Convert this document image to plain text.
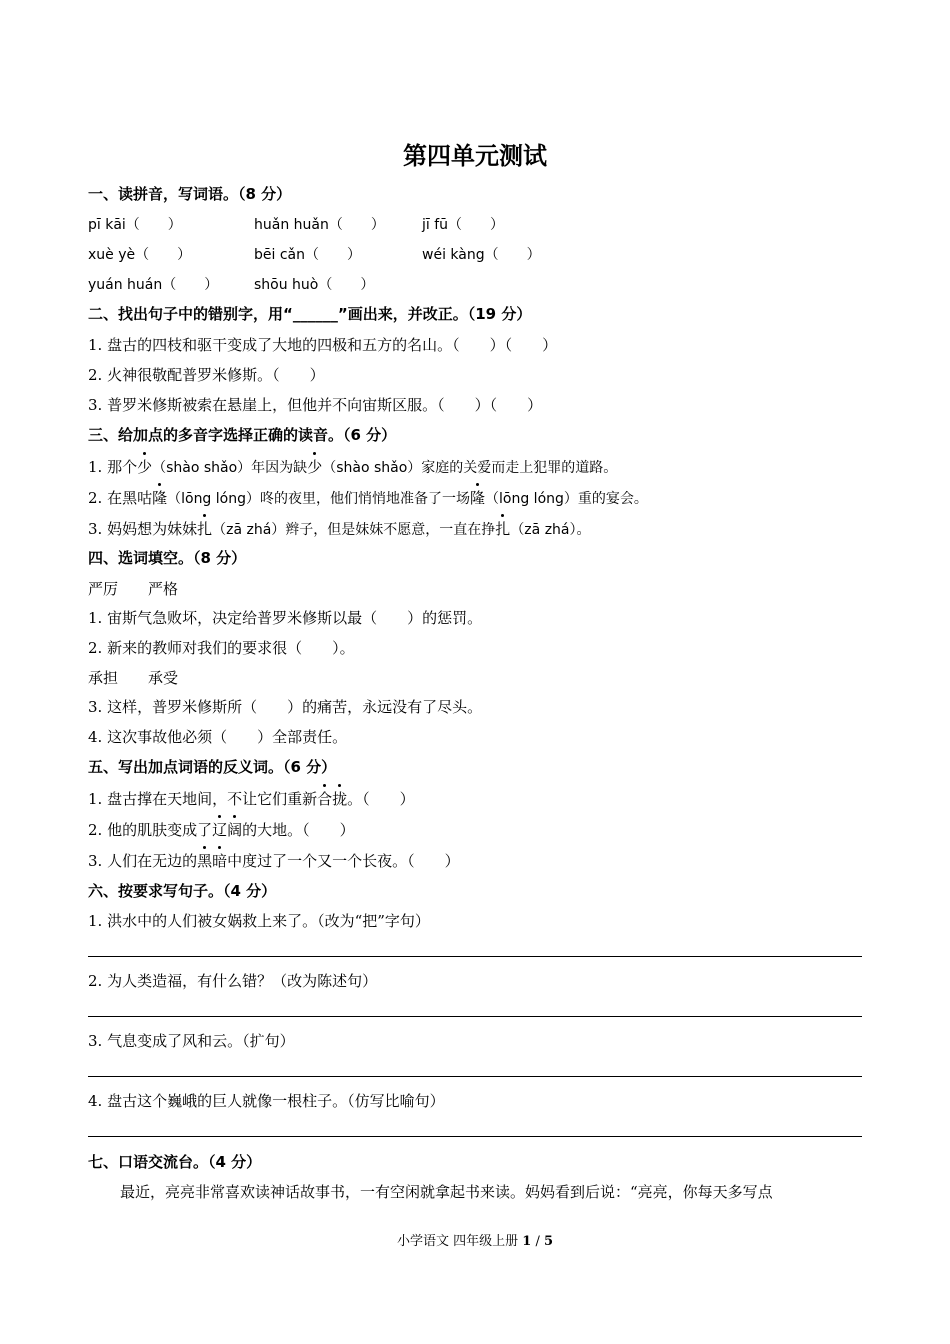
第四单元测试
一、读拼音，写词语。（8 分）
pī kāi（　　）	huǎn huǎn（　　）	jī fū（　　）
xuè yè（　　）	bēi cǎn（　　）	wéi kàng（　　）
yuán huán（　　）	shōu huò（　　）
二、找出句子中的错别字，用“______”画出来，并改正。（19 分）
1. 盘古的四枝和驱干变成了大地的四极和五方的名山。（　　）（　　）
2. 火神很敬配普罗米修斯。（　　）
3. 普罗米修斯被索在悬崖上，但他并不向宙斯区服。（　　）（　　）
三、给加点的多音字选择正确的读音。（6 分）
1. 那个少（shào shǎo）年因为缺少（shào shǎo）家庭的关爱而走上犯罪的道路。
2. 在黑咕隆（lōng lóng）咚的夜里，他们悄悄地准备了一场隆（lōng lóng）重的宴会。
3. 妈妈想为妹妹扎（zā zhá）辫子，但是妹妹不愿意，一直在挣扎（zā zhá）。
四、选词填空。（8 分）
严厉　　严格
1. 宙斯气急败坏，决定给普罗米修斯以最（　　）的惩罚。
2. 新来的教师对我们的要求很（　　）。
承担　　承受
3. 这样，普罗米修斯所（　　）的痛苦，永远没有了尽头。
4. 这次事故他必须（　　）全部责任。
五、写出加点词语的反义词。（6 分）
1. 盘古撑在天地间，不让它们重新合拢。（　　）
2. 他的肌肤变成了辽阔的大地。（　　）
3. 人们在无边的黑暗中度过了一个又一个长夜。（　　）
六、按要求写句子。（4 分）
1. 洪水中的人们被女娲救上来了。（改为“把”字句）
2. 为人类造福，有什么错？（改为陈述句）
3. 气息变成了风和云。（扩句）
4. 盘古这个巍峨的巨人就像一根柱子。（仿写比喻句）
七、口语交流台。（4 分）
最近，亮亮非常喜欢读神话故事书，一有空闲就拿起书来读。妈妈看到后说：“亮亮，你每天多写点
小学语文 四年级上册 1 / 5
